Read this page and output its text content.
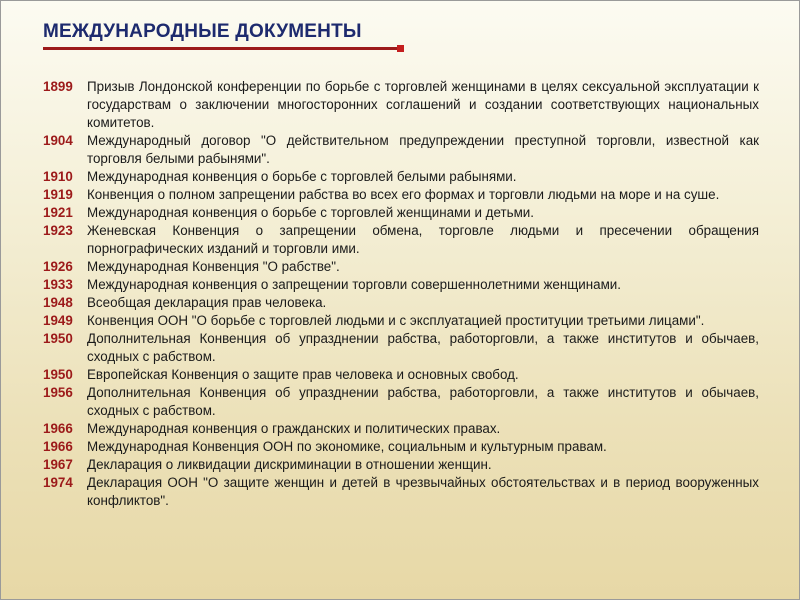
МЕЖДУНАРОДНЫЕ ДОКУМЕНТЫ
1899	Призыв Лондонской конференции по борьбе с торговлей женщинами в целях сексуальной эксплуатации к государствам о заключении многосторонних соглашений и создании соответствующих национальных комитетов.
1904	Международный договор "О действительном предупреждении преступной торговли, известной как торговля белыми рабынями".
1910	Международная конвенция о борьбе с торговлей белыми рабынями.
1919	Конвенция о полном запрещении рабства во всех его формах и торговли людьми на море и на суше.
1921	Международная конвенция о борьбе с торговлей женщинами и детьми.
1923	Женевская Конвенция о запрещении обмена, торговле людьми и пресечении обращения порнографических изданий и торговли ими.
1926	Международная Конвенция "О рабстве".
1933	Международная конвенция о запрещении торговли совершеннолетними женщинами.
1948	Всеобщая декларация прав человека.
1949	Конвенция ООН "О борьбе с торговлей людьми и с эксплуатацией проституции третьими лицами".
1950	Дополнительная Конвенция об упразднении рабства, работорговли, а также институтов и обычаев, сходных с рабством.
1950	Европейская Конвенция о защите прав человека и основных свобод.
1956	Дополнительная Конвенция об упразднении рабства, работорговли, а также институтов и обычаев, сходных с рабством.
1966	Международная конвенция о гражданских и политических правах.
1966	Международная Конвенция ООН по экономике, социальным и культурным правам.
1967	Декларация о ликвидации дискриминации в отношении женщин.
1974	Декларация ООН "О защите женщин и детей в чрезвычайных обстоятельствах и в период вооруженных конфликтов".
